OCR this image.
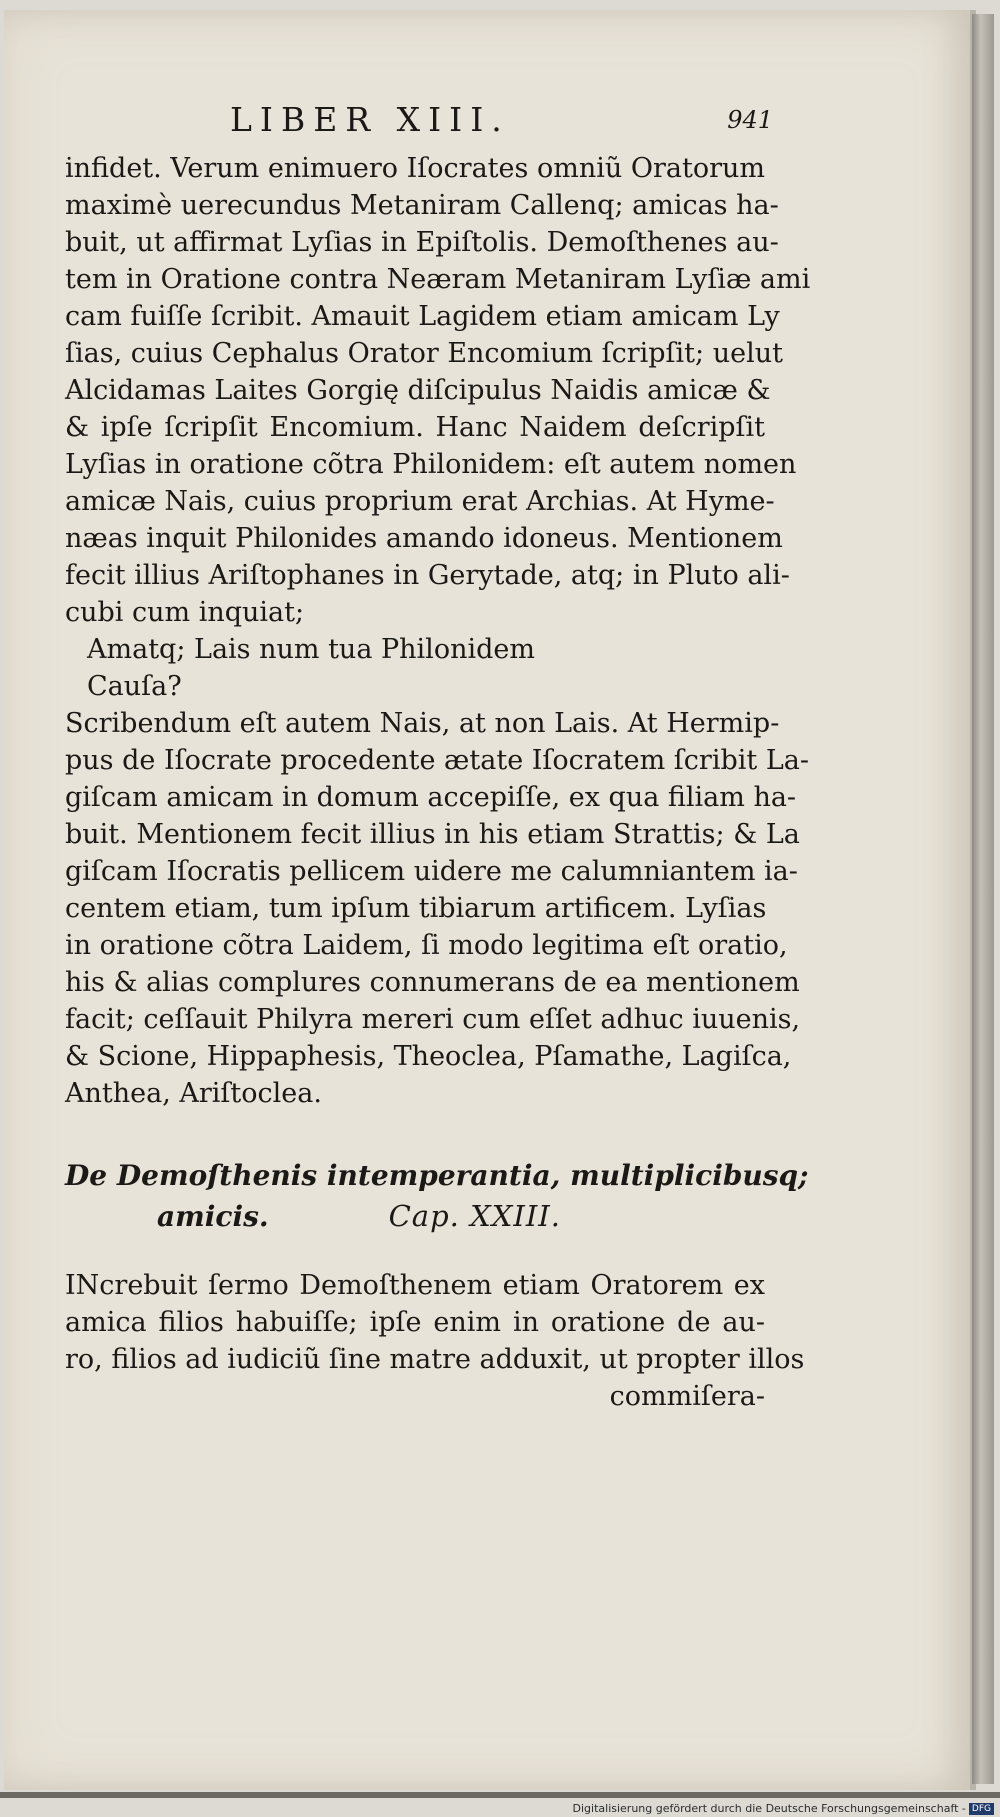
LIBER XIII.	941
infidet. Verum enimuero Iſocrates omniũ Oratorum
maximè uerecundus Metaniram Callenq; amicas ha-
buit, ut affirmat Lyſias in Epiſtolis. Demoſthenes au-
tem in Oratione contra Neæram Metaniram Lyſiæ ami
cam fuiſſe ſcribit. Amauit Lagidem etiam amicam Ly
ſias, cuius Cephalus Orator Encomium ſcripſit; uelut
Alcidamas Laites Gorgię diſcipulus Naidis amicæ &
& ipſe ſcripſit Encomium. Hanc Naidem deſcripſit
Lyſias in oratione cõtra Philonidem: eſt autem nomen
amicæ Nais, cuius proprium erat Archias. At Hyme-
næas inquit Philonides amando idoneus. Mentionem
fecit illius Ariſtophanes in Gerytade, atq; in Pluto ali-
cubi cum inquiat;
Amatq; Lais num tua Philonidem
Cauſa?
Scribendum eſt autem Nais, at non Lais. At Hermip-
pus de Iſocrate procedente ætate Iſocratem ſcribit La-
giſcam amicam in domum accepiſſe, ex qua filiam ha-
buit. Mentionem fecit illius in his etiam Strattis; & La
giſcam Iſocratis pellicem uidere me calumniantem ia-
centem etiam, tum ipſum tibiarum artificem. Lyſias
in oratione cõtra Laidem, ſi modo legitima eſt oratio,
his & alias complures connumerans de ea mentionem
facit; ceſſauit Philyra mereri cum eſſet adhuc iuuenis,
& Scione, Hippaphesis, Theoclea, Pſamathe, Lagiſca,
Anthea, Ariſtoclea.
De Demoſthenis intemperantia, multiplicibusq;
amicis.	Cap. XXIII.
INcrebuit ſermo Demoſthenem etiam Oratorem ex
amica filios habuiſſe; ipſe enim in oratione de au-
ro, filios ad iudiciũ ſine matre adduxit, ut propter illos
commiſera-
Digitalisierung gefördert durch die Deutsche Forschungsgemeinschaft - DFG
